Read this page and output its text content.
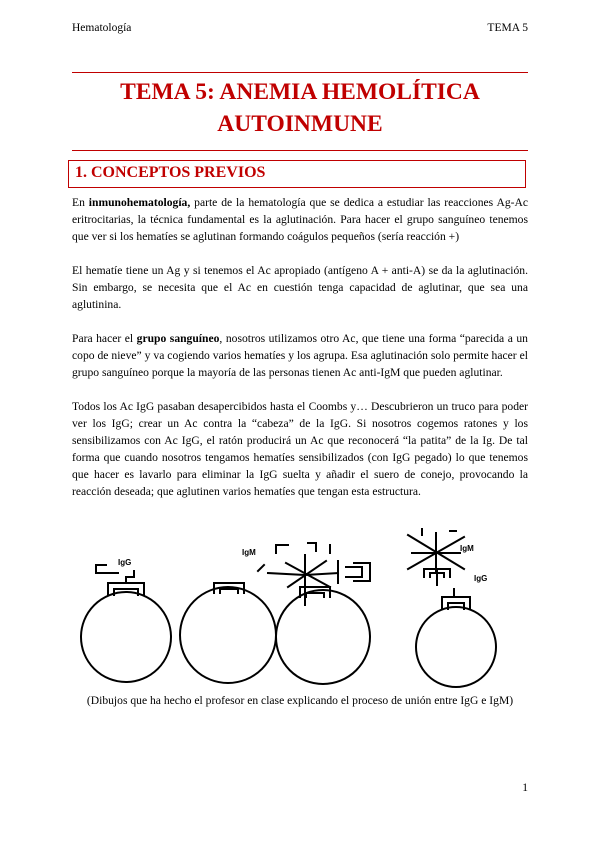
Hematología	TEMA 5
TEMA 5: ANEMIA HEMOLÍTICA
AUTOINMUNE
1. CONCEPTOS PREVIOS

En inmunohematología, parte de la hematología que se dedica a estudiar las reacciones Ag-Ac eritrocitarias, la técnica fundamental es la aglutinación. Para hacer el grupo sanguíneo tenemos que ver si los hematíes se aglutinan formando coágulos pequeños (sería reacción +)

El hematíe tiene un Ag y si tenemos el Ac apropiado (antígeno A + anti-A) se da la aglutinación. Sin embargo, se necesita que el Ac en cuestión tenga capacidad de aglutinar, que sea una aglutinina.

Para hacer el grupo sanguíneo, nosotros utilizamos otro Ac, que tiene una forma “parecida a un copo de nieve” y va cogiendo varios hematíes y los agrupa. Esa aglutinación solo permite hacer el grupo sanguíneo porque la mayoría de las personas tienen Ac anti-IgM que pueden aglutinar.

Todos los Ac IgG pasaban desapercibidos hasta el Coombs y… Descubrieron un truco para poder ver los IgG; crear un Ac contra la “cabeza” de la IgG. Si nosotros cogemos ratones y los sensibilizamos con Ac IgG, el ratón producirá un Ac que reconocerá “la patita” de la Ig. De tal forma que cuando nosotros tengamos hematíes sensibilizados (con IgG pegado) lo que tenemos que hacer es lavarlo para eliminar la IgG suelta y añadir el suero de conejo, provocando la reacción deseada; que aglutinen varios hematíes que tengan esta estructura.

IgG
IgM	IgM
IgG
(Dibujos que ha hecho el profesor en clase explicando el proceso de unión entre IgG e IgM)
1
